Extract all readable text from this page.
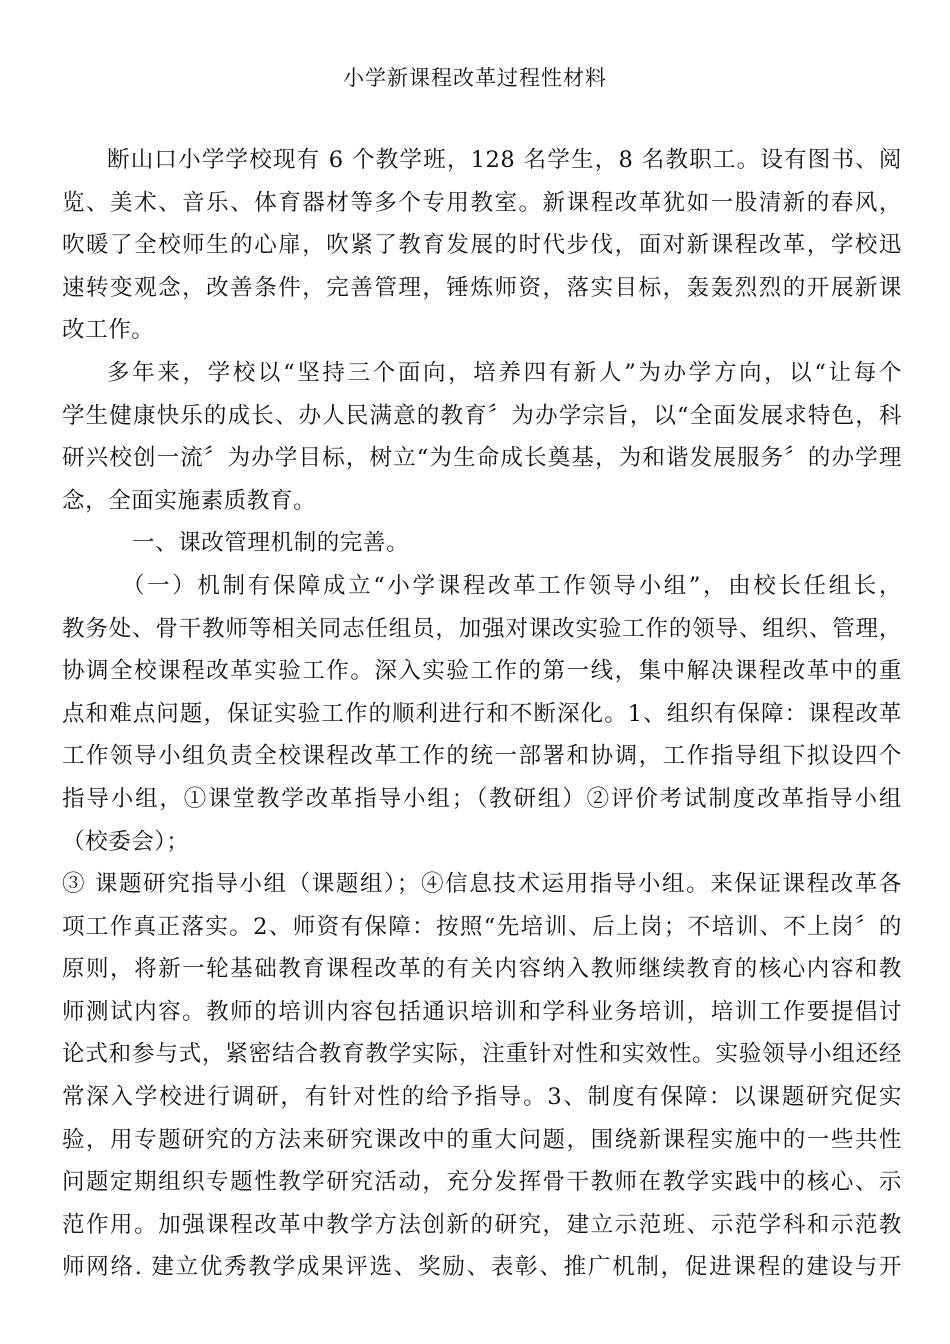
小学新课程改革过程性材料
断山口小学学校现有 6 个教学班，128 名学生，8 名教职工。设有图书、阅
览、美术、音乐、体育器材等多个专用教室。新课程改革犹如一股清新的春风，
吹暖了全校师生的心扉，吹紧了教育发展的时代步伐，面对新课程改革，学校迅
速转变观念，改善条件，完善管理，锤炼师资，落实目标，轰轰烈烈的开展新课
改工作。
多年来，学校以“坚持三个面向，培养四有新人”为办学方向，以“让每个
学生健康快乐的成长、办人民满意的教育〞为办学宗旨，以“全面发展求特色，科
研兴校创一流〞为办学目标，树立“为生命成长奠基，为和谐发展服务〞的办学理
念，全面实施素质教育。
一、课改管理机制的完善。
（一）机制有保障成立“小学课程改革工作领导小组”，由校长任组长，
教务处、骨干教师等相关同志任组员，加强对课改实验工作的领导、组织、管理，
协调全校课程改革实验工作。深入实验工作的第一线，集中解决课程改革中的重
点和难点问题，保证实验工作的顺利进行和不断深化。1、组织有保障：课程改革
工作领导小组负责全校课程改革工作的统一部署和协调，工作指导组下拟设四个
指导小组，①课堂教学改革指导小组；（教研组）②评价考试制度改革指导小组
（校委会）；
③ 课题研究指导小组（课题组）；④信息技术运用指导小组。来保证课程改革各
项工作真正落实。2、师资有保障：按照“先培训、后上岗；不培训、不上岗〞的
原则，将新一轮基础教育课程改革的有关内容纳入教师继续教育的核心内容和教
师测试内容。教师的培训内容包括通识培训和学科业务培训，培训工作要提倡讨
论式和参与式，紧密结合教育教学实际，注重针对性和实效性。实验领导小组还经
常深入学校进行调研，有针对性的给予指导。3、制度有保障：以课题研究促实
验，用专题研究的方法来研究课改中的重大问题，围绕新课程实施中的一些共性
问题定期组织专题性教学研究活动，充分发挥骨干教师在教学实践中的核心、示
范作用。加强课程改革中教学方法创新的研究，建立示范班、示范学科和示范教
师网络. 建立优秀教学成果评选、奖励、表彰、推广机制，促进课程的建设与开
